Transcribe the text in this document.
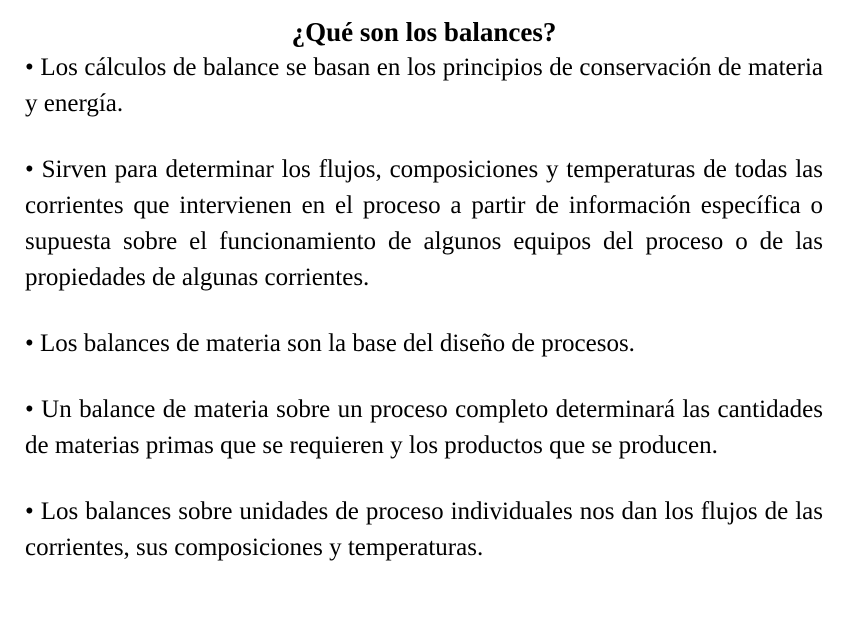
¿Qué son los balances?

• Los cálculos de balance se basan en los principios de conservación de materia y energía.

• Sirven para determinar los flujos, composiciones y temperaturas de todas las corrientes que intervienen en el proceso a partir de información específica o supuesta sobre el funcionamiento de algunos equipos del proceso o de las propiedades de algunas corrientes.

• Los balances de materia son la base del diseño de procesos.

• Un balance de materia sobre un proceso completo determinará las cantidades de materias primas que se requieren y los productos que se producen.

• Los balances sobre unidades de proceso individuales nos dan los flujos de las corrientes, sus composiciones y temperaturas.
